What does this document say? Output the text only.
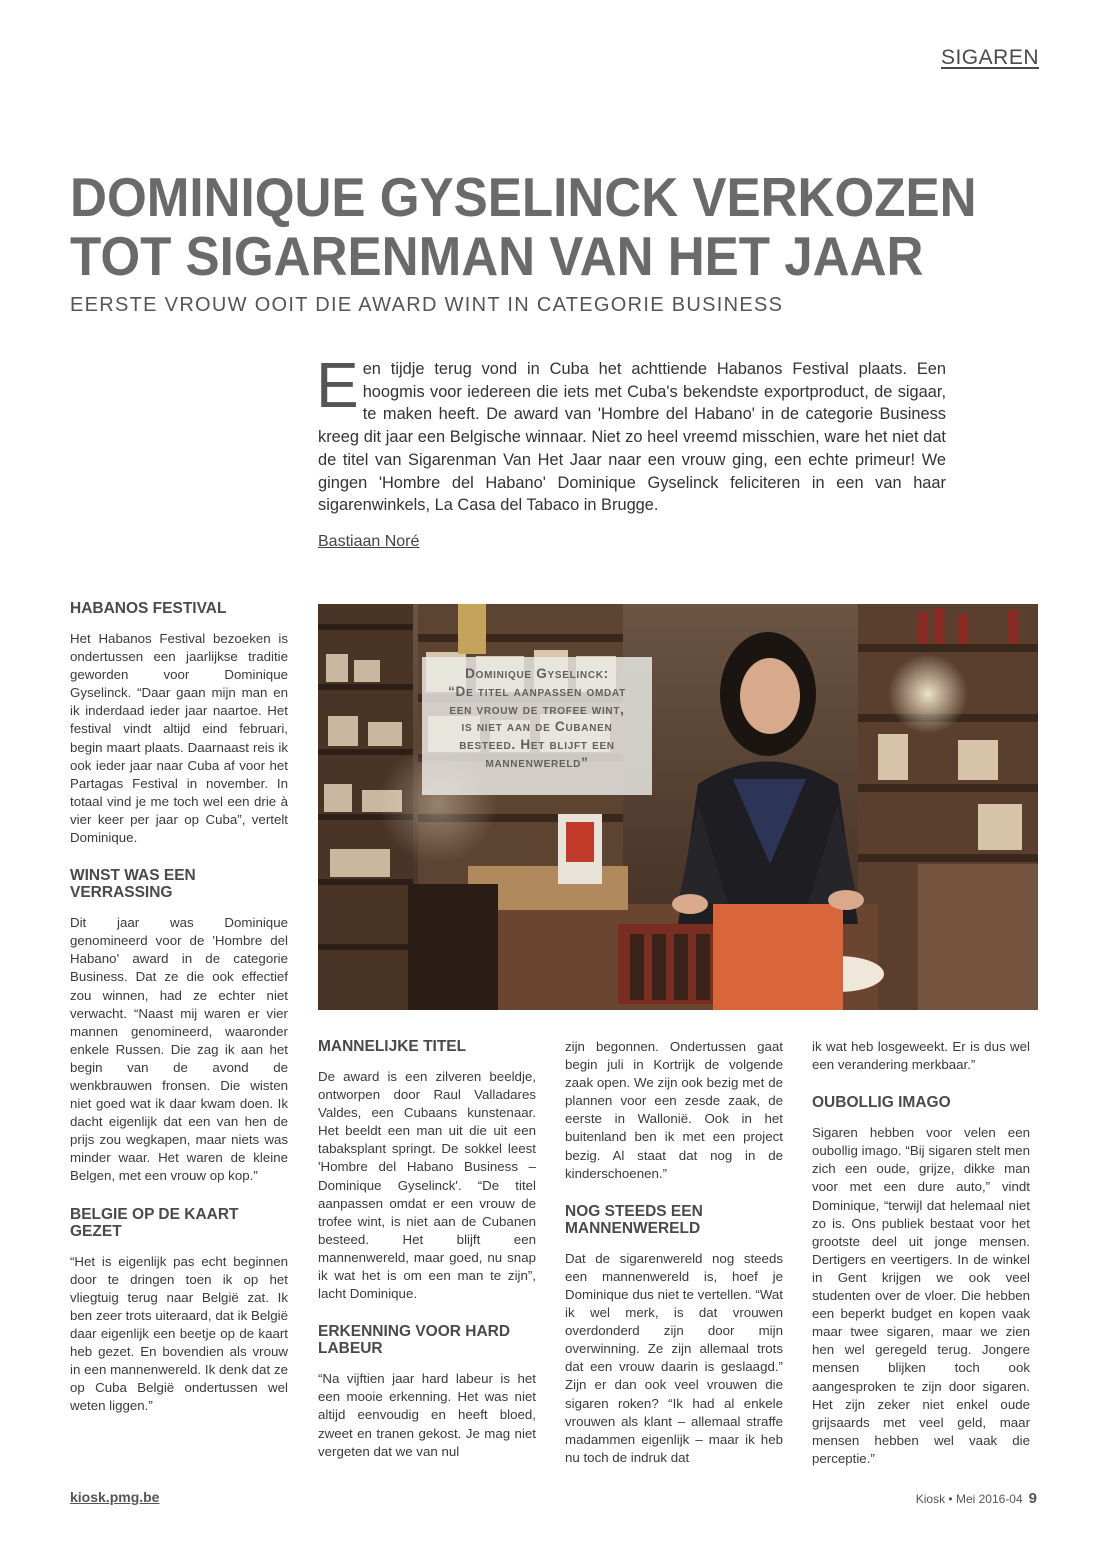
SIGAREN
DOMINIQUE GYSELINCK VERKOZEN
TOT SIGARENMAN VAN HET JAAR
EERSTE VROUW OOIT DIE AWARD WINT IN CATEGORIE BUSINESS
E en tijdje terug vond in Cuba het achttiende Habanos Festival plaats. Een hoogmis voor iedereen die iets met Cuba's bekendste exportproduct, de sigaar, te maken heeft. De award van 'Hombre del Habano' in de categorie Business kreeg dit jaar een Belgische winnaar. Niet zo heel vreemd misschien, ware het niet dat de titel van Sigarenman Van Het Jaar naar een vrouw ging, een echte primeur! We gingen 'Hombre del Habano' Dominique Gyselinck feliciteren in een van haar sigarenwinkels, La Casa del Tabaco in Brugge.
Bastiaan Noré
HABANOS FESTIVAL

Het Habanos Festival bezoeken is ondertussen een jaarlijkse traditie geworden voor Dominique Gyselinck. “Daar gaan mijn man en ik inderdaad ieder jaar naartoe. Het festival vindt altijd eind februari, begin maart plaats. Daarnaast reis ik ook ieder jaar naar Cuba af voor het Partagas Festival in november. In totaal vind je me toch wel een drie à vier keer per jaar op Cuba”, vertelt Dominique.

WINST WAS EEN VERRASSING

Dit jaar was Dominique genomineerd voor de 'Hombre del Habano' award in de categorie Business. Dat ze die ook effectief zou winnen, had ze echter niet verwacht. “Naast mij waren er vier mannen genomineerd, waaronder enkele Russen. Die zag ik aan het begin van de avond de wenkbrauwen fronsen. Die wisten niet goed wat ik daar kwam doen. Ik dacht eigenlijk dat een van hen de prijs zou wegkapen, maar niets was minder waar. Het waren de kleine Belgen, met een vrouw op kop.”

BELGIE OP DE KAART GEZET

“Het is eigenlijk pas echt beginnen door te dringen toen ik op het vliegtuig terug naar België zat. Ik ben zeer trots uiteraard, dat ik België daar eigenlijk een beetje op de kaart heb gezet. En bovendien als vrouw in een mannenwereld. Ik denk dat ze op Cuba België ondertussen wel weten liggen.”

Dominique Gyselinck:
“De titel aanpassen omdat
een vrouw de trofee wint,
is niet aan de Cubanen
besteed. Het blijft een
mannenwereld”
MANNELIJKE TITEL

De award is een zilveren beeldje, ontworpen door Raul Valladares Valdes, een Cubaans kunstenaar. Het beeldt een man uit die uit een tabaksplant springt. De sokkel leest 'Hombre del Habano Business – Dominique Gyselinck'. “De titel aanpassen omdat er een vrouw de trofee wint, is niet aan de Cubanen besteed. Het blijft een mannenwereld, maar goed, nu snap ik wat het is om een man te zijn”, lacht Dominique.

ERKENNING VOOR HARD LABEUR

“Na vijftien jaar hard labeur is het een mooie erkenning. Het was niet altijd eenvoudig en heeft bloed, zweet en tranen gekost. Je mag niet vergeten dat we van nul

zijn begonnen. Ondertussen gaat begin juli in Kortrijk de volgende zaak open. We zijn ook bezig met de plannen voor een zesde zaak, de eerste in Wallonië. Ook in het buitenland ben ik met een project bezig. Al staat dat nog in de kinderschoenen.”

NOG STEEDS EEN MANNENWERELD

Dat de sigarenwereld nog steeds een mannenwereld is, hoef je Dominique dus niet te vertellen. “Wat ik wel merk, is dat vrouwen overdonderd zijn door mijn overwinning. Ze zijn allemaal trots dat een vrouw daarin is geslaagd.” Zijn er dan ook veel vrouwen die sigaren roken? “Ik had al enkele vrouwen als klant – allemaal straffe madammen eigenlijk – maar ik heb nu toch de indruk dat

ik wat heb losgeweekt. Er is dus wel een verandering merkbaar.”

OUBOLLIG IMAGO

Sigaren hebben voor velen een oubollig imago. “Bij sigaren stelt men zich een oude, grijze, dikke man voor met een dure auto,” vindt Dominique, “terwijl dat helemaal niet zo is. Ons publiek bestaat voor het grootste deel uit jonge mensen. Dertigers en veertigers. In de winkel in Gent krijgen we ook veel studenten over de vloer. Die hebben een beperkt budget en kopen vaak maar twee sigaren, maar we zien hen wel geregeld terug. Jongere mensen blijken toch ook aangesproken te zijn door sigaren. Het zijn zeker niet enkel oude grijsaards met veel geld, maar mensen hebben wel vaak die perceptie.”

kiosk.pmg.be	Kiosk • Mei 2016-04 9
